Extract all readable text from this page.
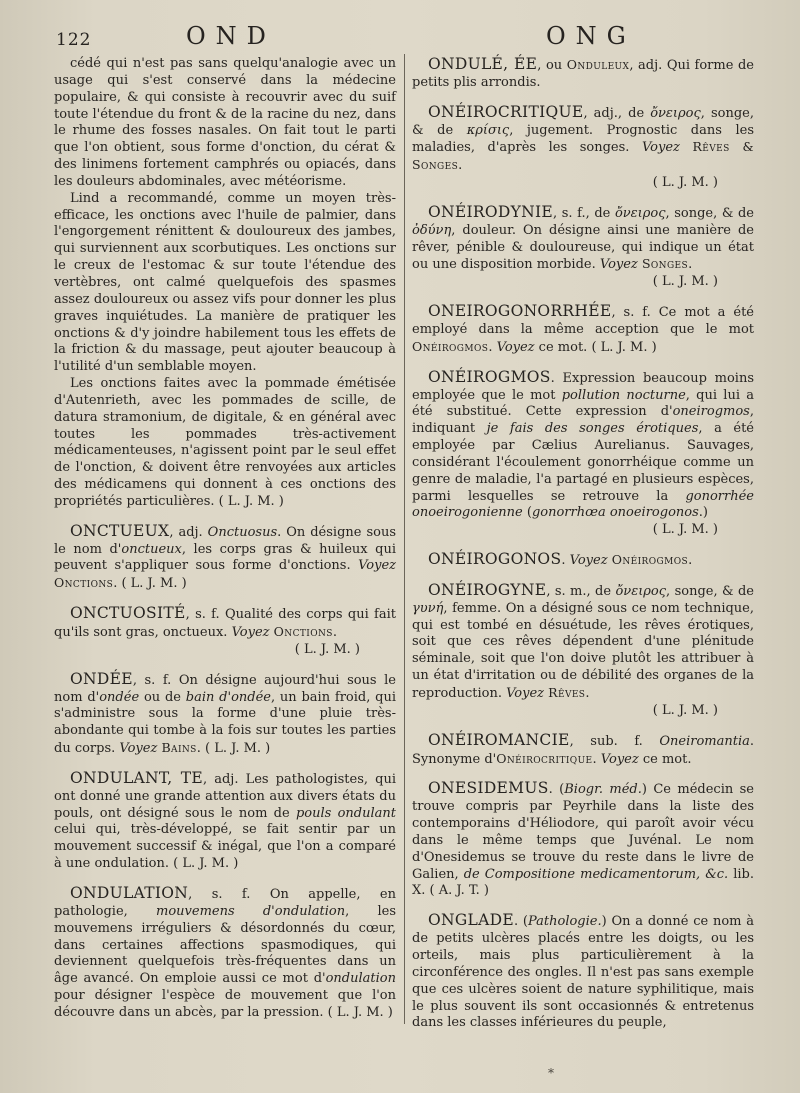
122	OND	ONG

cédé qui n'est pas sans quelqu'analogie avec un usage qui s'est conservé dans la médecine populaire, & qui consiste à recouvrir avec du suif toute l'étendue du front & de la racine du nez, dans le rhume des fosses nasales. On fait tout le parti que l'on obtient, sous forme d'onction, du cérat & des linimens fortement camphrés ou opiacés, dans les douleurs abdominales, avec météorisme.

Lind a recommandé, comme un moyen très-efficace, les onctions avec l'huile de palmier, dans l'engorgement rénittent & douloureux des jambes, qui surviennent aux scorbutiques. Les onctions sur le creux de l'estomac & sur toute l'étendue des vertèbres, ont calmé quelquefois des spasmes assez douloureux ou assez vifs pour donner les plus graves inquiétudes. La manière de pratiquer les onctions & d'y joindre habilement tous les effets de la friction & du massage, peut ajouter beaucoup à l'utilité d'un semblable moyen.

Les onctions faites avec la pommade émétisée d'Autenrieth, avec les pommades de scille, de datura stramonium, de digitale, & en général avec toutes les pommades très-activement médicamenteuses, n'agissent point par le seul effet de l'onction, & doivent être renvoyées aux articles des médicamens qui donnent à ces onctions des propriétés particulières. ( L. J. M. )

ONCTUEUX, adj. Onctuosus. On désigne sous le nom d'onctueux, les corps gras & huileux qui peuvent s'appliquer sous forme d'onctions. Voyez Onctions. ( L. J. M. )
ONCTUOSITÉ, s. f. Qualité des corps qui fait qu'ils sont gras, onctueux. Voyez Onctions.
( L. J. M. )
ONDÉE, s. f. On désigne aujourd'hui sous le nom d'ondée ou de bain d'ondée, un bain froid, qui s'administre sous la forme d'une pluie très-abondante qui tombe à la fois sur toutes les parties du corps. Voyez Bains. ( L. J. M. )
ONDULANT, TE, adj. Les pathologistes, qui ont donné une grande attention aux divers états du pouls, ont désigné sous le nom de pouls ondulant celui qui, très-développé, se fait sentir par un mouvement successif & inégal, que l'on a comparé à une ondulation. ( L. J. M. )
ONDULATION, s. f. On appelle, en pathologie, mouvemens d'ondulation, les mouvemens irréguliers & désordonnés du cœur, dans certaines affections spasmodiques, qui deviennent quelquefois très-fréquentes dans un âge avancé. On emploie aussi ce mot d'ondulation pour désigner l'espèce de mouvement que l'on découvre dans un abcès, par la pression. ( L. J. M. )
ONDULÉ, ÉE, ou Onduleux, adj. Qui forme de petits plis arrondis.
ONÉIROCRITIQUE, adj., de ὄνειρος, songe, & de κρίσις, jugement. Prognostic dans les maladies, d'après les songes. Voyez Rêves & Songes.
( L. J. M. )
ONÉIRODYNIE, s. f., de ὄνειρος, songe, & de ὀδύνη, douleur. On désigne ainsi une manière de rêver, pénible & douloureuse, qui indique un état ou une disposition morbide. Voyez Songes.
( L. J. M. )
ONEIROGONORRHÉE, s. f. Ce mot a été employé dans la même acception que le mot Onéirogmos. Voyez ce mot. ( L. J. M. )
ONÉIROGMOS. Expression beaucoup moins employée que le mot pollution nocturne, qui lui a été substitué. Cette expression d'oneirogmos, indiquant je fais des songes érotiques, a été employée par Cælius Aurelianus. Sauvages, considérant l'écoulement gonorrhéique comme un genre de maladie, l'a partagé en plusieurs espèces, parmi lesquelles se retrouve la gonorrhée onoeirogonienne (gonorrhœa onoeirogonos.)
( L. J. M. )
ONÉIROGONOS. Voyez Onéirogmos.
ONÉIROGYNE, s. m., de ὄνειρος, songe, & de γυνή, femme. On a désigné sous ce nom technique, qui est tombé en désuétude, les rêves érotiques, soit que ces rêves dépendent d'une plénitude séminale, soit que l'on doive plutôt les attribuer à un état d'irritation ou de débilité des organes de la reproduction. Voyez Rêves.
( L. J. M. )
ONÉIROMANCIE, sub. f. Oneiromantia. Synonyme d'Onéirocritique. Voyez ce mot.
ONESIDEMUS. (Biogr. méd.) Ce médecin se trouve compris par Peyrhile dans la liste des contemporains d'Héliodore, qui paroît avoir vécu dans le même temps que Juvénal. Le nom d'Onesidemus se trouve du reste dans le livre de Galien, de Compositione medicamentorum, &c. lib. X. ( A. J. T. )
ONGLADE. (Pathologie.) On a donné ce nom à de petits ulcères placés entre les doigts, ou les orteils, mais plus particulièrement à la circonférence des ongles. Il n'est pas sans exemple que ces ulcères soient de nature syphilitique, mais le plus souvent ils sont occasionnés & entretenus dans les classes inférieures du peuple,
*
